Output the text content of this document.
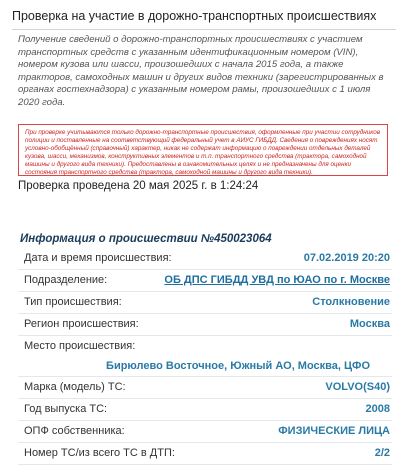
Проверка на участие в дорожно-транспортных происшествиях
Получение сведений о дорожно-транспортных происшествиях с участием транспортных средств с указанным идентификационным номером (VIN), номером кузова или шасси, произошедших с начала 2015 года, а также тракторов, самоходных машин и других видов техники (зарегистрированных в органах гостехнадзора) с указанным номером рамы, произошедших с 1 июля 2020 года.

При проверке учитываются только дорожно-транспортные происшествия, оформленные при участии сотрудников полиции и поставленные на соответствующий федеральный учет в АИУС ГИБДД. Сведения о повреждениях носят условно-обобщённый (справочный) характер, никак не содержат информацию о повреждении отдельных деталей кузова, шасси, механизмов, конструктивных элементов и т.п. транспортного средства (трактора, самоходной машины и другого вида техники). Предоставлены в ознакомительных целях и не предназначены для оценки состояния транспортного средства (трактора, самоходной машины и другого вида техники).

Проверка проведена 20 мая 2025 г. в 1:24:24
Информация о происшествии №450023064
Дата и время происшествия:	07.02.2019 20:20
Подразделение:	ОБ ДПС ГИБДД УВД по ЮАО по г. Москве
Тип происшествия:	Столкновение
Регион происшествия:	Москва
Место происшествия:
Бирюлево Восточное, Южный АО, Москва, ЦФО
Марка (модель) ТС:	VOLVO(S40)
Год выпуска ТС:	2008
ОПФ собственника:	ФИЗИЧЕСКИЕ ЛИЦА
Номер ТС/из всего ТС в ДТП:	2/2
